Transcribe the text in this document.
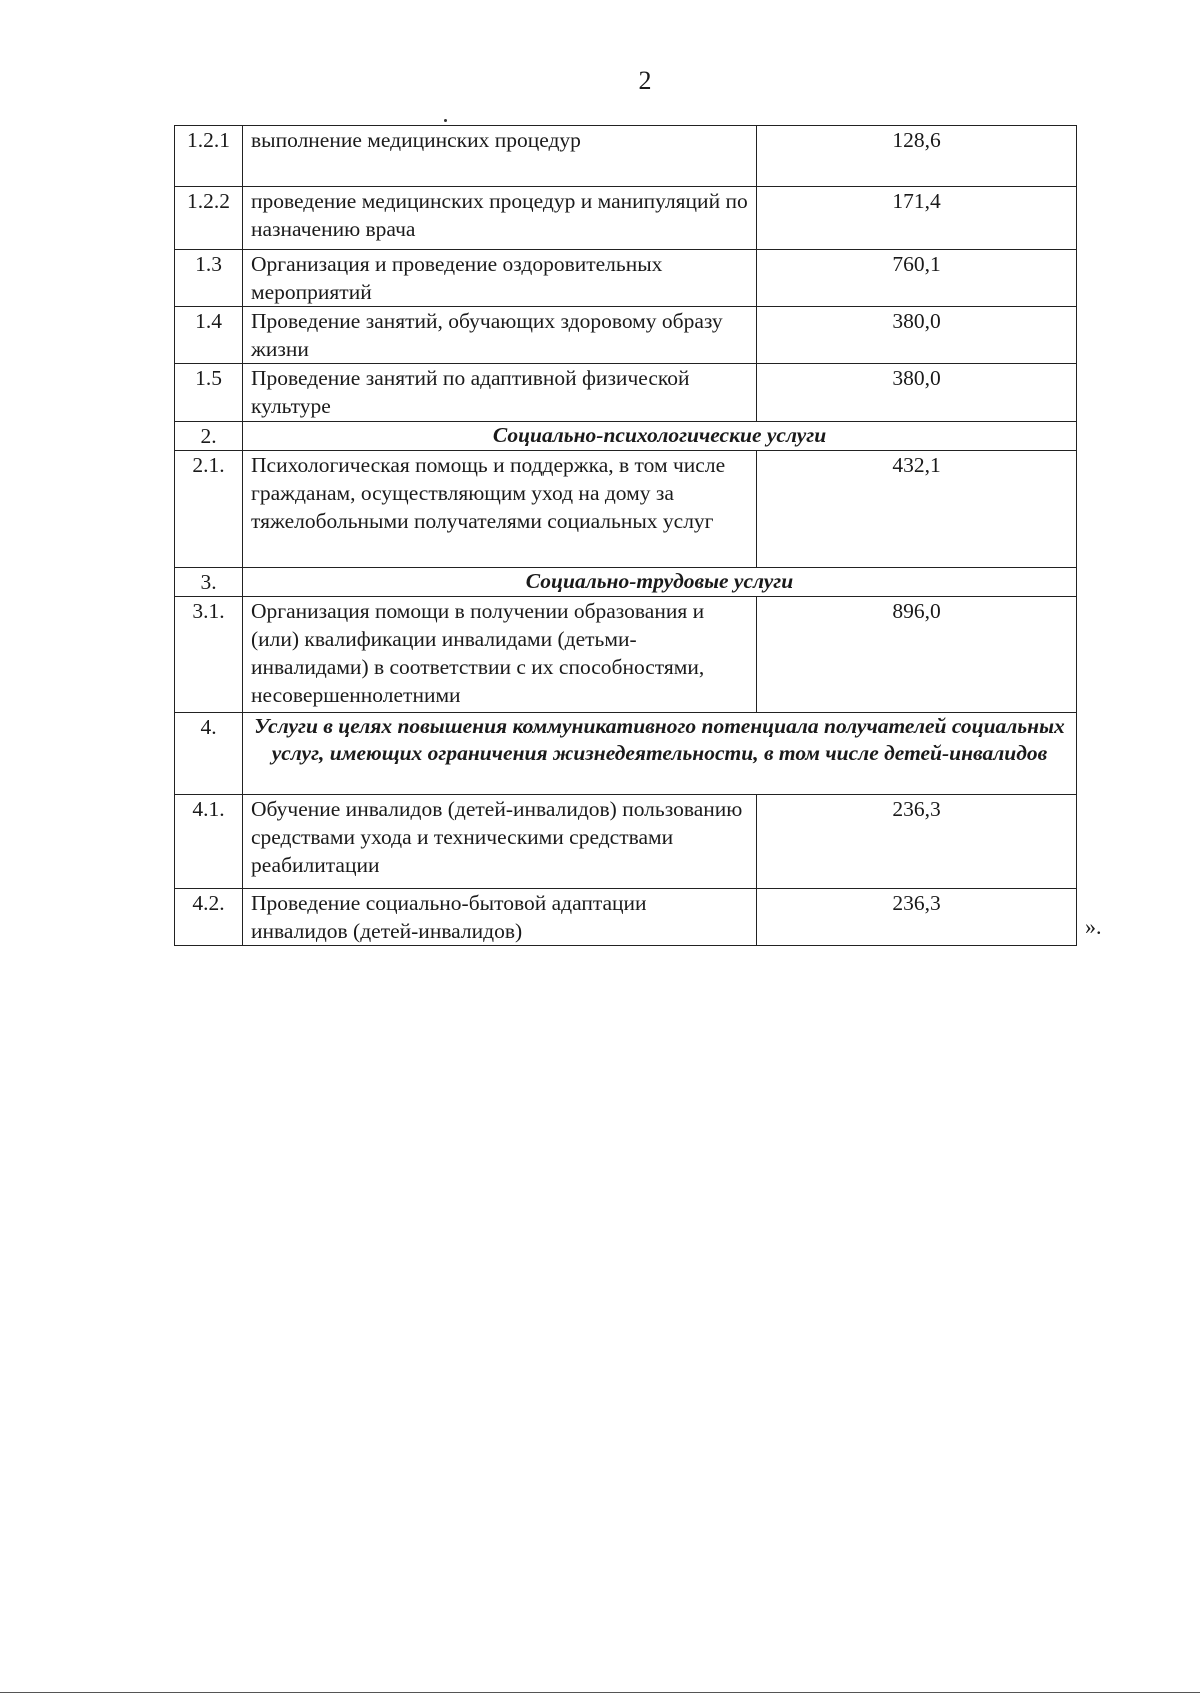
2
1.2.1	выполнение медицинских процедур	128,6
1.2.2	проведение медицинских процедур и манипуляций по назначению врача	171,4
1.3	Организация и проведение оздоровительных мероприятий	760,1
1.4	Проведение занятий, обучающих здоровому образу жизни	380,0
1.5	Проведение занятий по адаптивной физической культуре	380,0
2.	Социально-психологические услуги	
2.1.	Психологическая помощь и поддержка, в том числе гражданам, осуществляющим уход на дому за тяжелобольными получателями социальных услуг	432,1
3.	Социально-трудовые услуги	
3.1.	Организация помощи в получении образования и (или) квалификации инвалидами (детьми-инвалидами) в соответствии с их способностями, несовершеннолетними	896,0
4.	Услуги в целях повышения коммуникативного потенциала получателей социальных услуг, имеющих ограничения жизнедеятельности, в том числе детей-инвалидов	
4.1.	Обучение инвалидов (детей-инвалидов) пользованию средствами ухода и техническими средствами реабилитации	236,3
4.2.	Проведение социально-бытовой адаптации инвалидов (детей-инвалидов)	236,3
».
